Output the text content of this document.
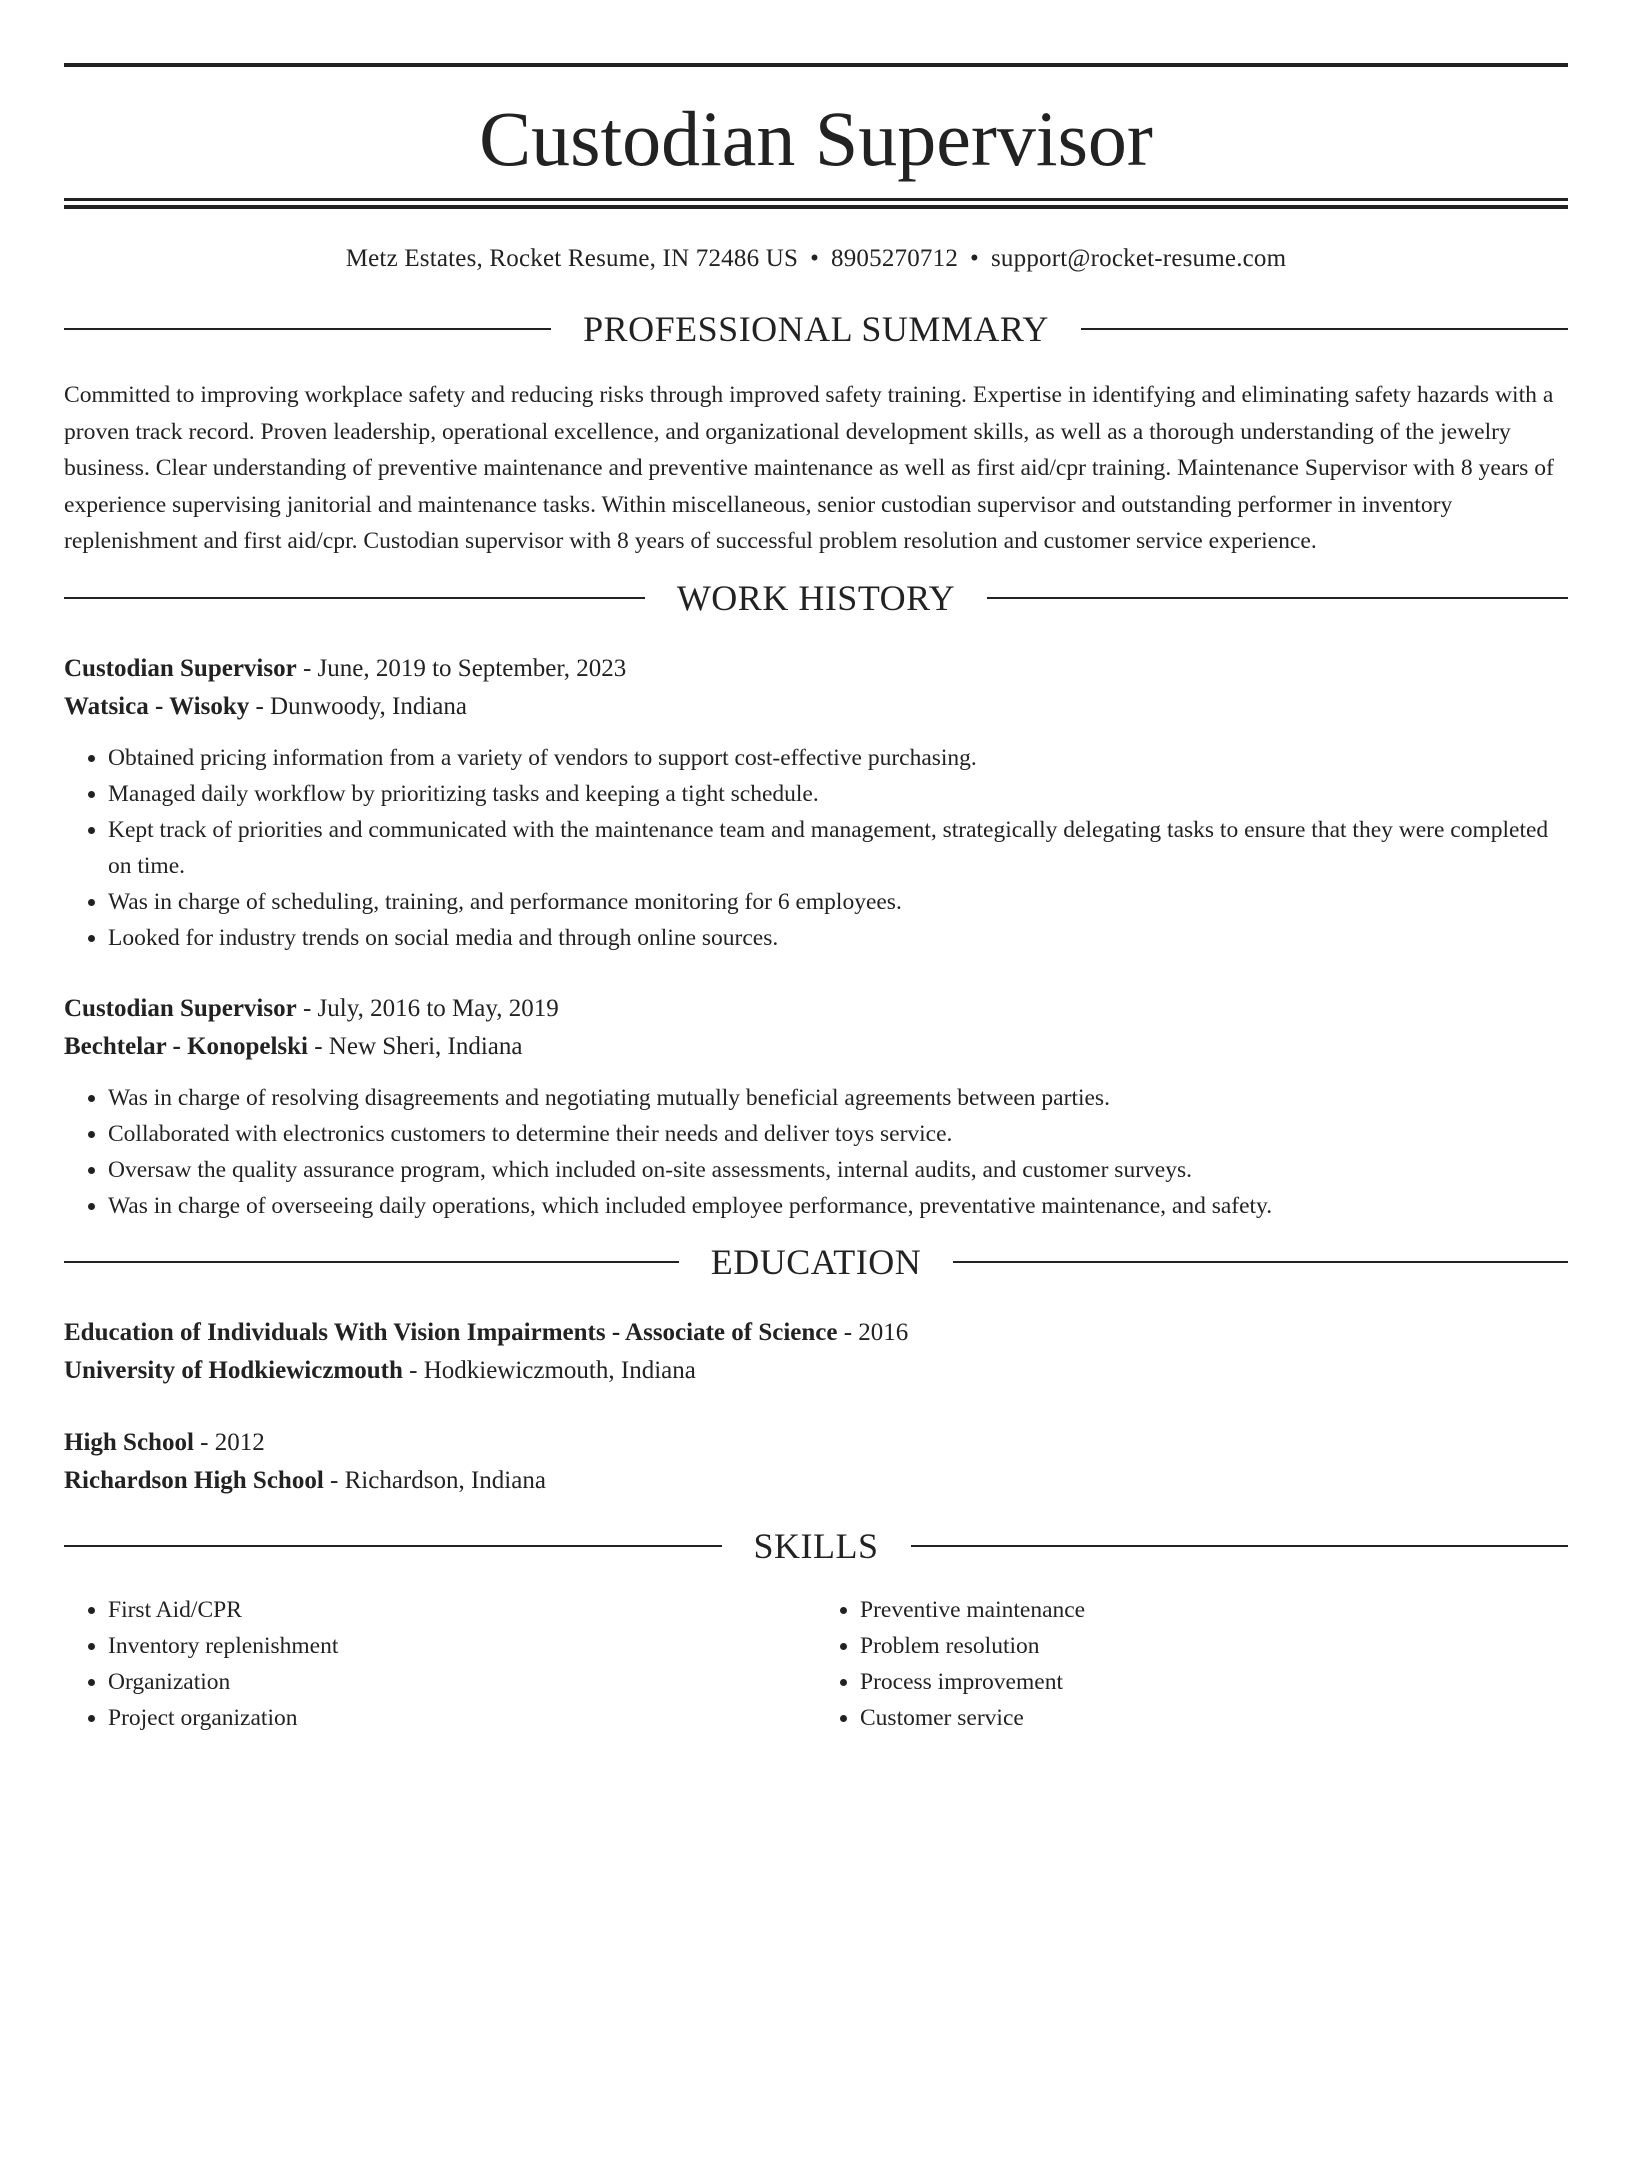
Custodian Supervisor
Metz Estates, Rocket Resume, IN 72486 US • 8905270712 • support@rocket-resume.com
PROFESSIONAL SUMMARY

Committed to improving workplace safety and reducing risks through improved safety training. Expertise in identifying and eliminating safety hazards with a proven track record. Proven leadership, operational excellence, and organizational development skills, as well as a thorough understanding of the jewelry business. Clear understanding of preventive maintenance and preventive maintenance as well as first aid/cpr training. Maintenance Supervisor with 8 years of experience supervising janitorial and maintenance tasks. Within miscellaneous, senior custodian supervisor and outstanding performer in inventory replenishment and first aid/cpr. Custodian supervisor with 8 years of successful problem resolution and customer service experience.

WORK HISTORY
Custodian Supervisor - June, 2019 to September, 2023
Watsica - Wisoky - Dunwoody, Indiana
• Obtained pricing information from a variety of vendors to support cost-effective purchasing.
• Managed daily workflow by prioritizing tasks and keeping a tight schedule.
• Kept track of priorities and communicated with the maintenance team and management, strategically delegating tasks to ensure that they were completed on time.
• Was in charge of scheduling, training, and performance monitoring for 6 employees.
• Looked for industry trends on social media and through online sources.
Custodian Supervisor - July, 2016 to May, 2019
Bechtelar - Konopelski - New Sheri, Indiana
• Was in charge of resolving disagreements and negotiating mutually beneficial agreements between parties.
• Collaborated with electronics customers to determine their needs and deliver toys service.
• Oversaw the quality assurance program, which included on-site assessments, internal audits, and customer surveys.
• Was in charge of overseeing daily operations, which included employee performance, preventative maintenance, and safety.
EDUCATION
Education of Individuals With Vision Impairments - Associate of Science - 2016
University of Hodkiewiczmouth - Hodkiewiczmouth, Indiana
High School - 2012
Richardson High School - Richardson, Indiana
SKILLS
• First Aid/CPR
• Inventory replenishment
• Organization
• Project organization
• Preventive maintenance
• Problem resolution
• Process improvement
• Customer service
